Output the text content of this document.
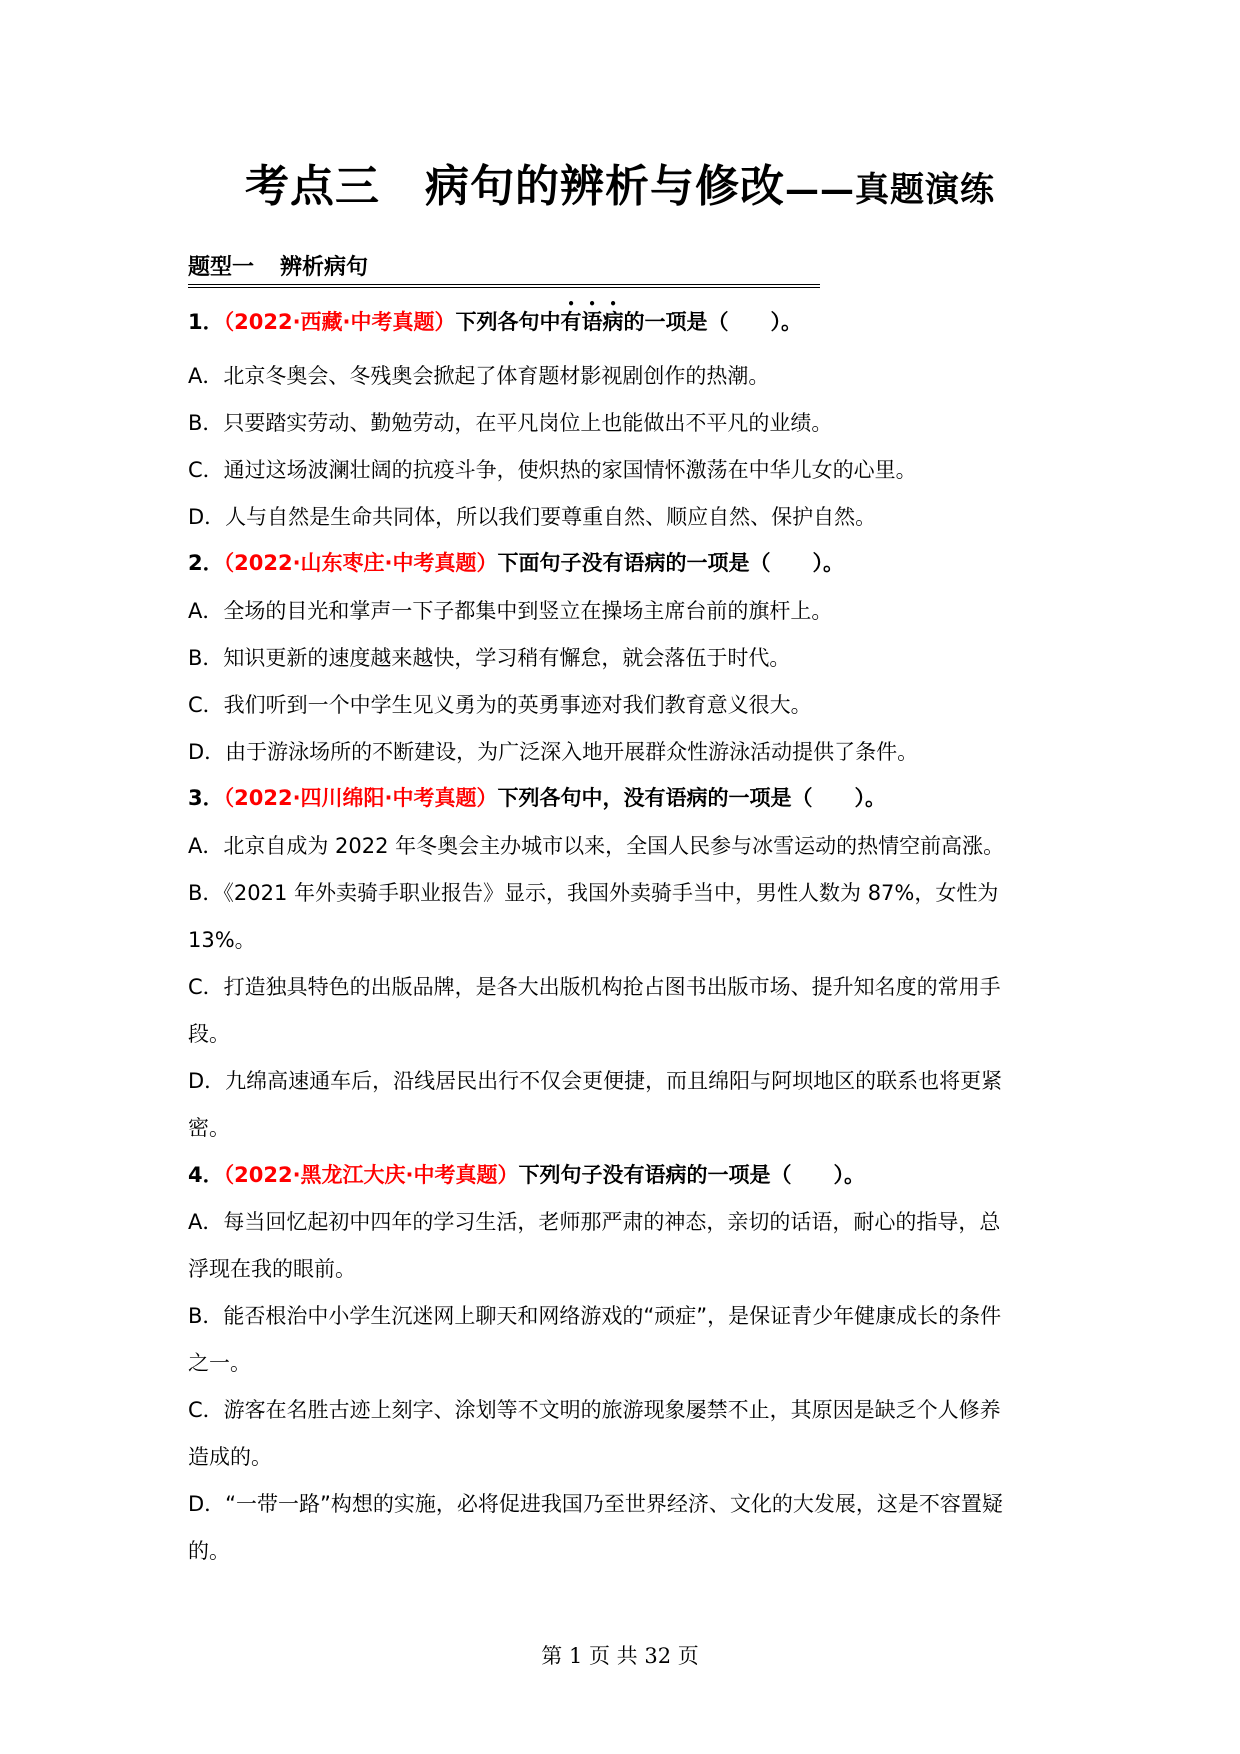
考点三　病句的辨析与修改——真题演练
题型一 辨析病句
1．（2022·西藏·中考真题）下列各句中有语病的一项是（　　）。
A．北京冬奥会、冬残奥会掀起了体育题材影视剧创作的热潮。
B．只要踏实劳动、勤勉劳动，在平凡岗位上也能做出不平凡的业绩。
C．通过这场波澜壮阔的抗疫斗争，使炽热的家国情怀激荡在中华儿女的心里。
D．人与自然是生命共同体，所以我们要尊重自然、顺应自然、保护自然。
2．（2022·山东枣庄·中考真题）下面句子没有语病的一项是（　　）。
A．全场的目光和掌声一下子都集中到竖立在操场主席台前的旗杆上。
B．知识更新的速度越来越快，学习稍有懈怠，就会落伍于时代。
C．我们听到一个中学生见义勇为的英勇事迹对我们教育意义很大。
D．由于游泳场所的不断建设，为广泛深入地开展群众性游泳活动提供了条件。
3．（2022·四川绵阳·中考真题）下列各句中，没有语病的一项是（　　）。
A．北京自成为 2022 年冬奥会主办城市以来，全国人民参与冰雪运动的热情空前高涨。
B．《2021 年外卖骑手职业报告》显示，我国外卖骑手当中，男性人数为 87%，女性为
13%。
C．打造独具特色的出版品牌，是各大出版机构抢占图书出版市场、提升知名度的常用手
段。
D．九绵高速通车后，沿线居民出行不仅会更便捷，而且绵阳与阿坝地区的联系也将更紧
密。
4．（2022·黑龙江大庆·中考真题）下列句子没有语病的一项是（　　）。
A．每当回忆起初中四年的学习生活，老师那严肃的神态，亲切的话语，耐心的指导，总
浮现在我的眼前。
B．能否根治中小学生沉迷网上聊天和网络游戏的“顽症”，是保证青少年健康成长的条件
之一。
C．游客在名胜古迹上刻字、涂划等不文明的旅游现象屡禁不止，其原因是缺乏个人修养
造成的。
D．“一带一路”构想的实施，必将促进我国乃至世界经济、文化的大发展，这是不容置疑
的。
第 1 页 共 32 页
